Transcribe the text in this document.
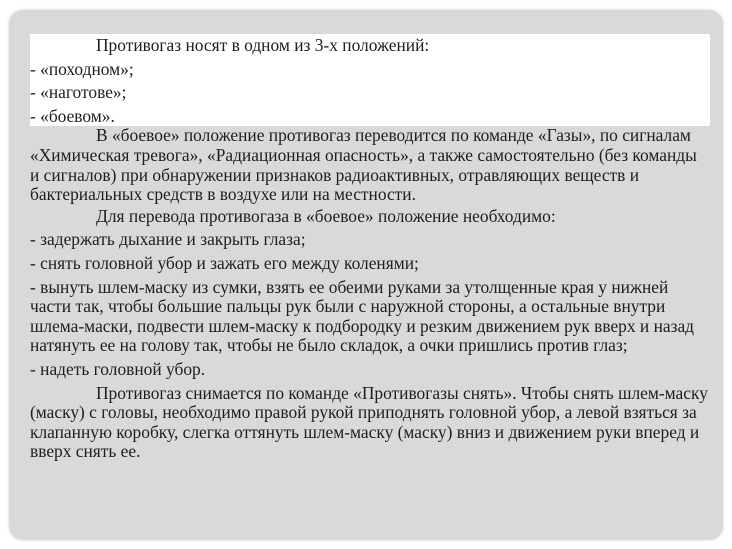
Противогаз носят в одном из 3-х положений:

- «походном»;

- «наготове»;

- «боевом».

В «боевое» положение противогаз переводится по команде «Газы», по сигналам «Химическая тревога», «Радиационная опасность», а также самостоятельно (без команды и сигналов) при обнаружении признаков радиоактивных, отравляющих веществ и бактериальных средств в воздухе или на местности.

Для перевода противогаза в «боевое» положение необходимо:

- задержать дыхание и закрыть глаза;

- снять головной убор и зажать его между коленями;

- вынуть шлем-маску из сумки, взять ее обеими руками за утолщенные края у нижней части так, чтобы большие пальцы рук были с наружной стороны, а остальные внутри шлема-маски, подвести шлем-маску к подбородку и резким движением рук вверх и назад натянуть ее на голову так, чтобы не было складок, а очки пришлись против глаз;

- надеть головной убор.

Противогаз снимается по команде «Противогазы снять». Чтобы снять шлем-маску (маску) с головы, необходимо правой рукой приподнять головной убор, а левой взяться за клапанную коробку, слегка оттянуть шлем-маску (маску) вниз и движением руки вперед и вверх снять ее.
